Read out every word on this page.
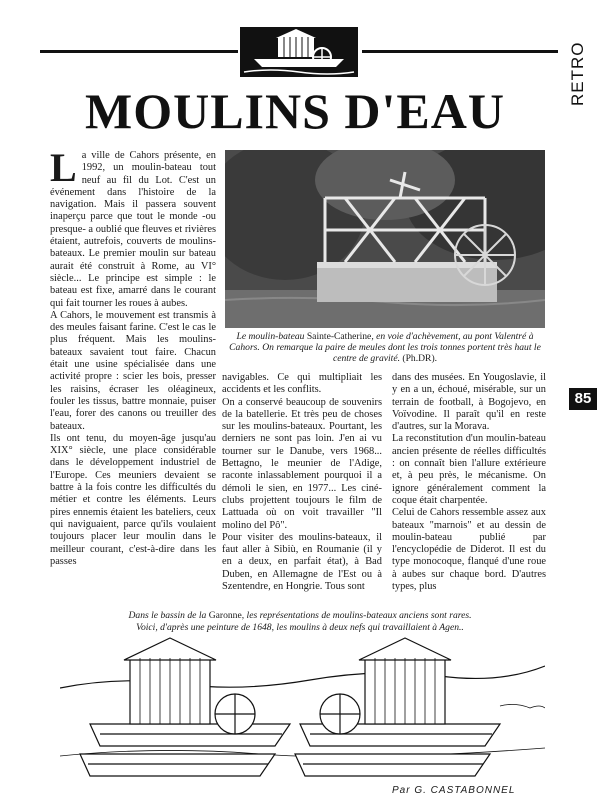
RETRO
MOULINS D'EAU
85

La ville de Cahors présente, en 1992, un moulin-bateau tout neuf au fil du Lot. C'est un événement dans l'histoire de la navigation. Mais il passera souvent inaperçu parce que tout le monde -ou presque- a oublié que fleuves et rivières étaient, autrefois, couverts de moulins-bateaux. Le premier moulin sur bateau aurait été construit à Rome, au VI° siècle... Le principe est simple : le bateau est fixe, amarré dans le courant qui fait tourner les roues à aubes.

A Cahors, le mouvement est transmis à des meules faisant farine. C'est le cas le plus fréquent. Mais les moulins-bateaux savaient tout faire. Chacun était une usine spécialisée dans une activité propre : scier les bois, presser les raisins, écraser les oléagineux, fouler les tissus, battre monnaie, puiser l'eau, forer des canons ou treuiller des bateaux.

Ils ont tenu, du moyen-âge jusqu'au XIX° siècle, une place considérable dans le développement industriel de l'Europe. Ces meuniers devaient se battre à la fois contre les difficultés du métier et contre les éléments. Leurs pires ennemis étaient les bateliers, ceux qui naviguaient, parce qu'ils voulaient toujours placer leur moulin dans le meilleur courant, c'est-à-dire dans les passes

Le moulin-bateau Sainte-Catherine, en voie d'achèvement, au pont Valentré à Cahors. On remarque la paire de meules dont les trois tonnes portent très haut le centre de gravité. (Ph.DR).

navigables. Ce qui multipliait les accidents et les conflits.

On a conservé beaucoup de souvenirs de la batellerie. Et très peu de choses sur les moulins-bateaux. Pourtant, les derniers ne sont pas loin. J'en ai vu tourner sur le Danube, vers 1968... Bettagno, le meunier de l'Adige, raconte inlassablement pourquoi il a démoli le sien, en 1977... Les ciné-clubs projettent toujours le film de Lattuada où on voit travailler "Il molino del Pô".

Pour visiter des moulins-bateaux, il faut aller à Sibiù, en Roumanie (il y en a deux, en parfait état), à Bad Duben, en Allemagne de l'Est ou à Szentendre, en Hongrie. Tous sont

dans des musées. En Yougoslavie, il y en a un, échoué, misérable, sur un terrain de football, à Bogojevo, en Voïvodine. Il paraît qu'il en reste d'autres, sur la Morava.

La reconstitution d'un moulin-bateau ancien présente de réelles difficultés : on connaît bien l'allure extérieure et, à peu près, le mécanisme. On ignore généralement comment la coque était charpentée.

Celui de Cahors ressemble assez aux bateaux "marnois" et au dessin de moulin-bateau publié par l'encyclopédie de Diderot. Il est du type monocoque, flanqué d'une roue à aubes sur chaque bord. D'autres types, plus

Dans le bassin de la Garonne, les représentations de moulins-bateaux anciens sont rares.
Voici, d'après une peinture de 1648, les moulins à deux nefs qui travaillaient à Agen..
Par G. CASTABONNEL
